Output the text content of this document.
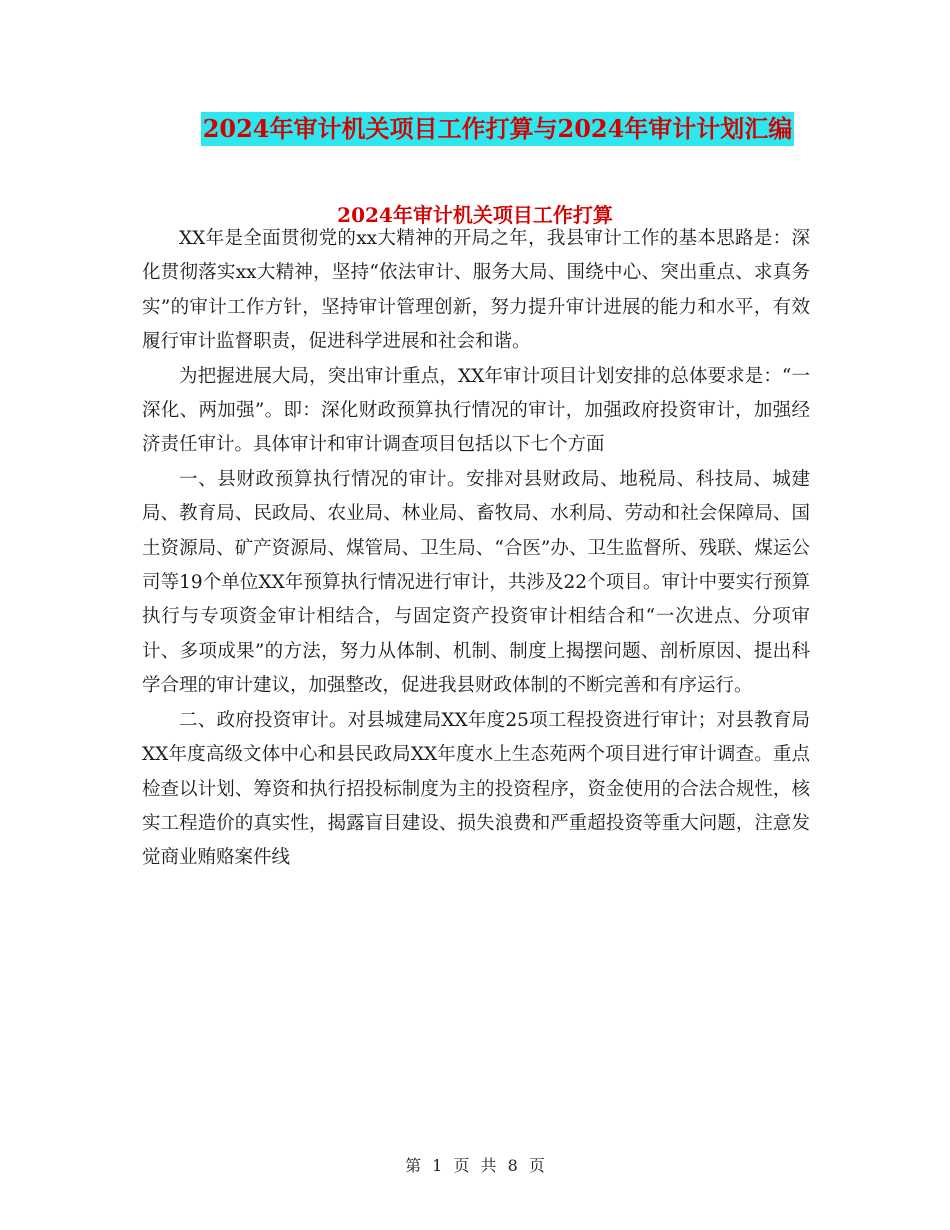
2024年审计机关项目工作打算与2024年审计计划汇编
2024年审计机关项目工作打算

XX年是全面贯彻党的xx大精神的开局之年，我县审计工作的基本思路是：深化贯彻落实xx大精神，坚持“依法审计、服务大局、围绕中心、突出重点、求真务实”的审计工作方针，坚持审计管理创新，努力提升审计进展的能力和水平，有效履行审计监督职责，促进科学进展和社会和谐。

为把握进展大局，突出审计重点，XX年审计项目计划安排的总体要求是：“一深化、两加强”。即：深化财政预算执行情况的审计，加强政府投资审计，加强经济责任审计。具体审计和审计调查项目包括以下七个方面

一、县财政预算执行情况的审计。安排对县财政局、地税局、科技局、城建局、教育局、民政局、农业局、林业局、畜牧局、水利局、劳动和社会保障局、国土资源局、矿产资源局、煤管局、卫生局、“合医”办、卫生监督所、残联、煤运公司等19个单位XX年预算执行情况进行审计，共涉及22个项目。审计中要实行预算执行与专项资金审计相结合，与固定资产投资审计相结合和“一次进点、分项审计、多项成果”的方法，努力从体制、机制、制度上揭摆问题、剖析原因、提出科学合理的审计建议，加强整改，促进我县财政体制的不断完善和有序运行。

二、政府投资审计。对县城建局XX年度25项工程投资进行审计；对县教育局XX年度高级文体中心和县民政局XX年度水上生态苑两个项目进行审计调查。重点检查以计划、筹资和执行招投标制度为主的投资程序，资金使用的合法合规性，核实工程造价的真实性，揭露盲目建设、损失浪费和严重超投资等重大问题，注意发觉商业贿赂案件线

第 1 页 共 8 页
